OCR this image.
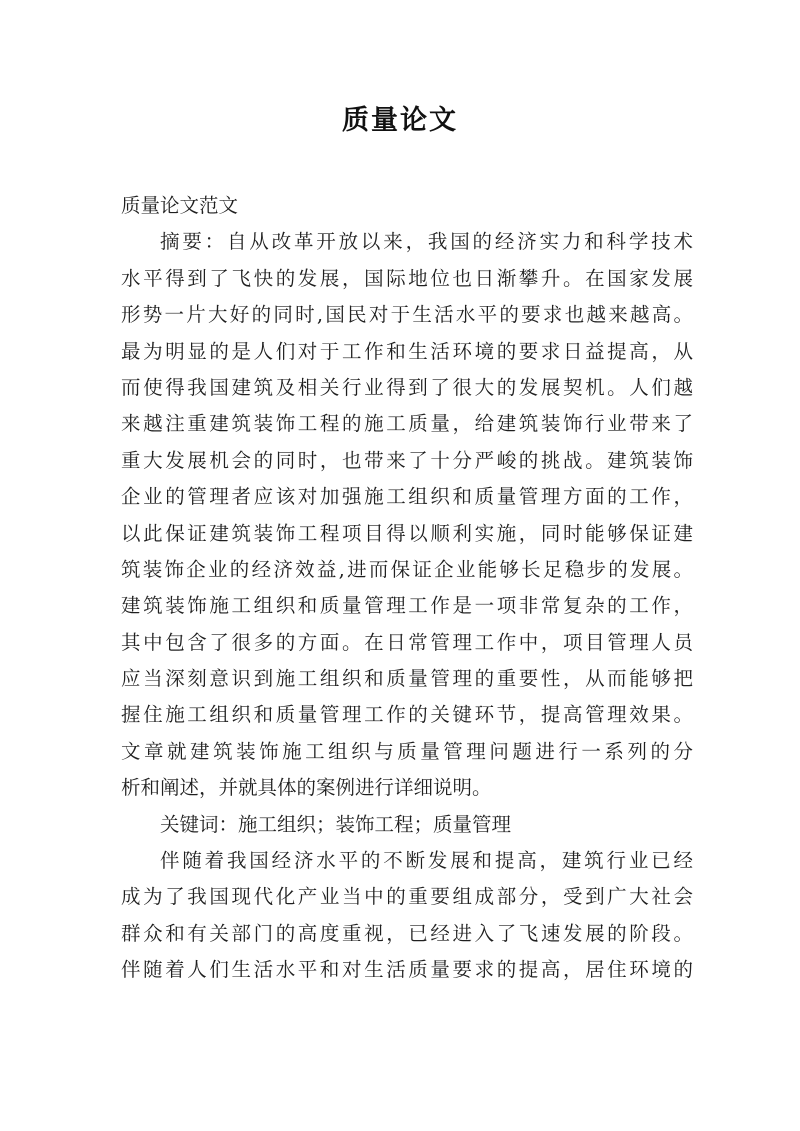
质量论文
质量论文范文
摘要：自从改革开放以来，我国的经济实力和科学技术
水平得到了飞快的发展，国际地位也日渐攀升。在国家发展
形势一片大好的同时,国民对于生活水平的要求也越来越高。
最为明显的是人们对于工作和生活环境的要求日益提高，从
而使得我国建筑及相关行业得到了很大的发展契机。人们越
来越注重建筑装饰工程的施工质量，给建筑装饰行业带来了
重大发展机会的同时，也带来了十分严峻的挑战。建筑装饰
企业的管理者应该对加强施工组织和质量管理方面的工作，
以此保证建筑装饰工程项目得以顺利实施，同时能够保证建
筑装饰企业的经济效益,进而保证企业能够长足稳步的发展。
建筑装饰施工组织和质量管理工作是一项非常复杂的工作，
其中包含了很多的方面。在日常管理工作中，项目管理人员
应当深刻意识到施工组织和质量管理的重要性，从而能够把
握住施工组织和质量管理工作的关键环节，提高管理效果。
文章就建筑装饰施工组织与质量管理问题进行一系列的分
析和阐述，并就具体的案例进行详细说明。
关键词：施工组织；装饰工程；质量管理
伴随着我国经济水平的不断发展和提高，建筑行业已经
成为了我国现代化产业当中的重要组成部分，受到广大社会
群众和有关部门的高度重视，已经进入了飞速发展的阶段。
伴随着人们生活水平和对生活质量要求的提高，居住环境的
